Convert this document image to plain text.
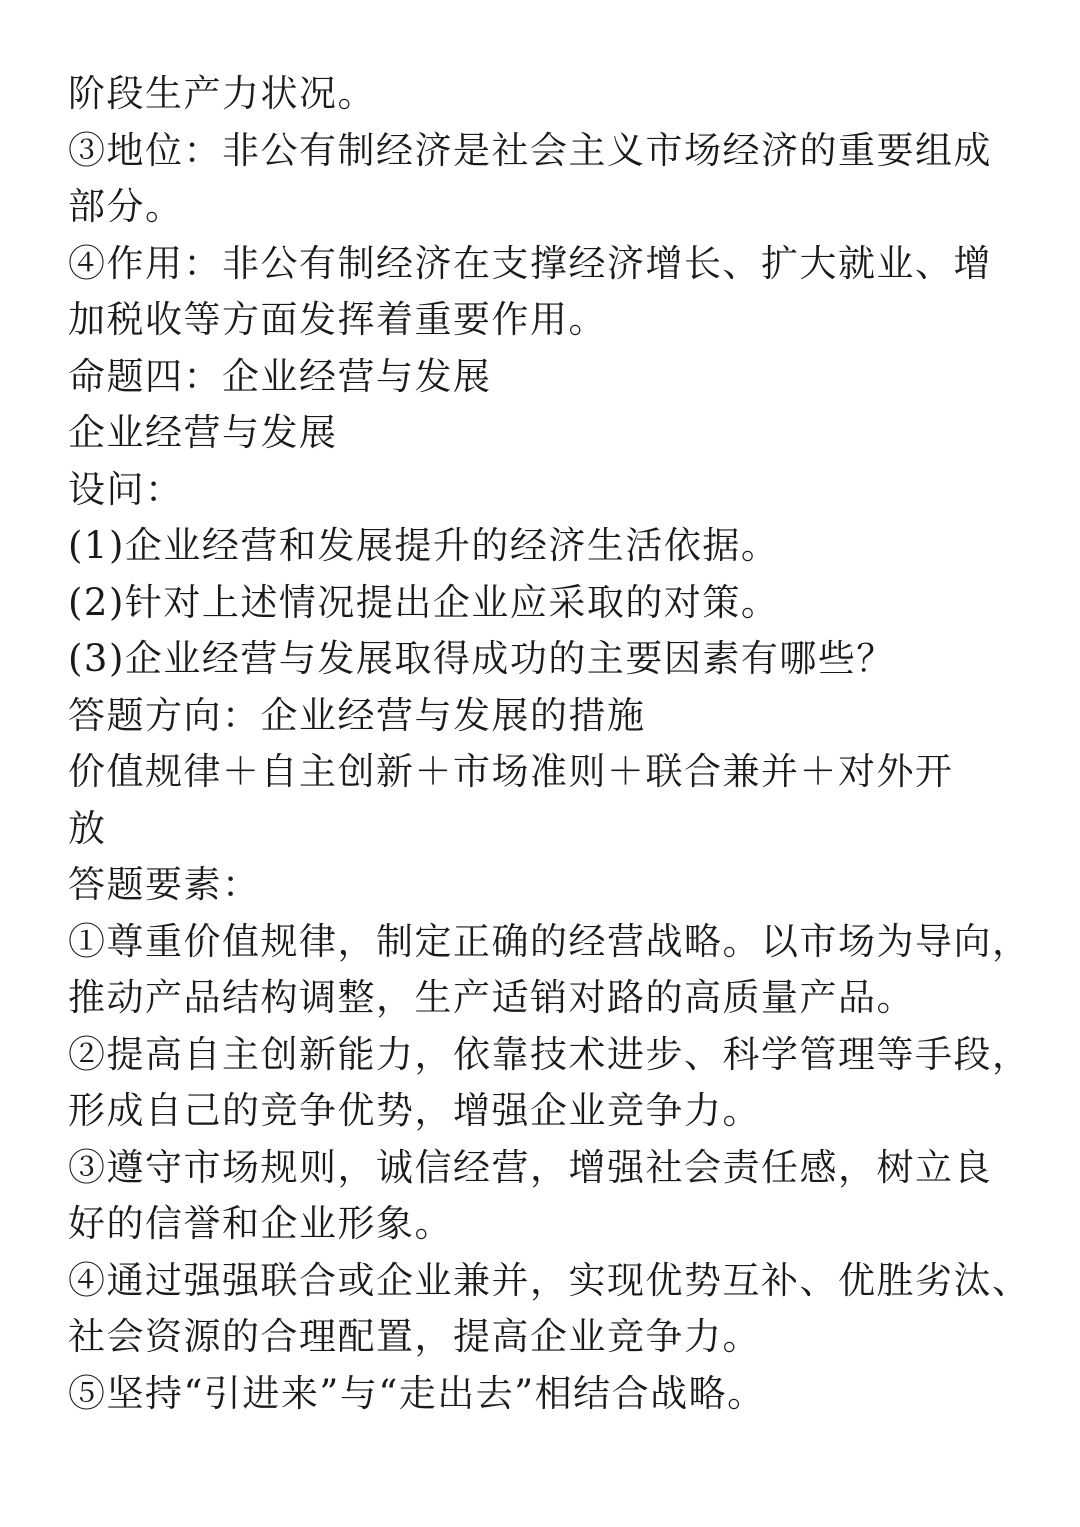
阶段生产力状况。
③地位：非公有制经济是社会主义市场经济的重要组成
部分。
④作用：非公有制经济在支撑经济增长、扩大就业、增
加税收等方面发挥着重要作用。
命题四：企业经营与发展
企业经营与发展
设问：
(1)企业经营和发展提升的经济生活依据。
(2)针对上述情况提出企业应采取的对策。
(3)企业经营与发展取得成功的主要因素有哪些？
答题方向：企业经营与发展的措施
价值规律＋自主创新＋市场准则＋联合兼并＋对外开
放
答题要素：
①尊重价值规律，制定正确的经营战略。以市场为导向，
推动产品结构调整，生产适销对路的高质量产品。
②提高自主创新能力，依靠技术进步、科学管理等手段，
形成自己的竞争优势，增强企业竞争力。
③遵守市场规则，诚信经营，增强社会责任感，树立良
好的信誉和企业形象。
④通过强强联合或企业兼并，实现优势互补、优胜劣汰、
社会资源的合理配置，提高企业竞争力。
⑤坚持“引进来”与“走出去”相结合战略。
